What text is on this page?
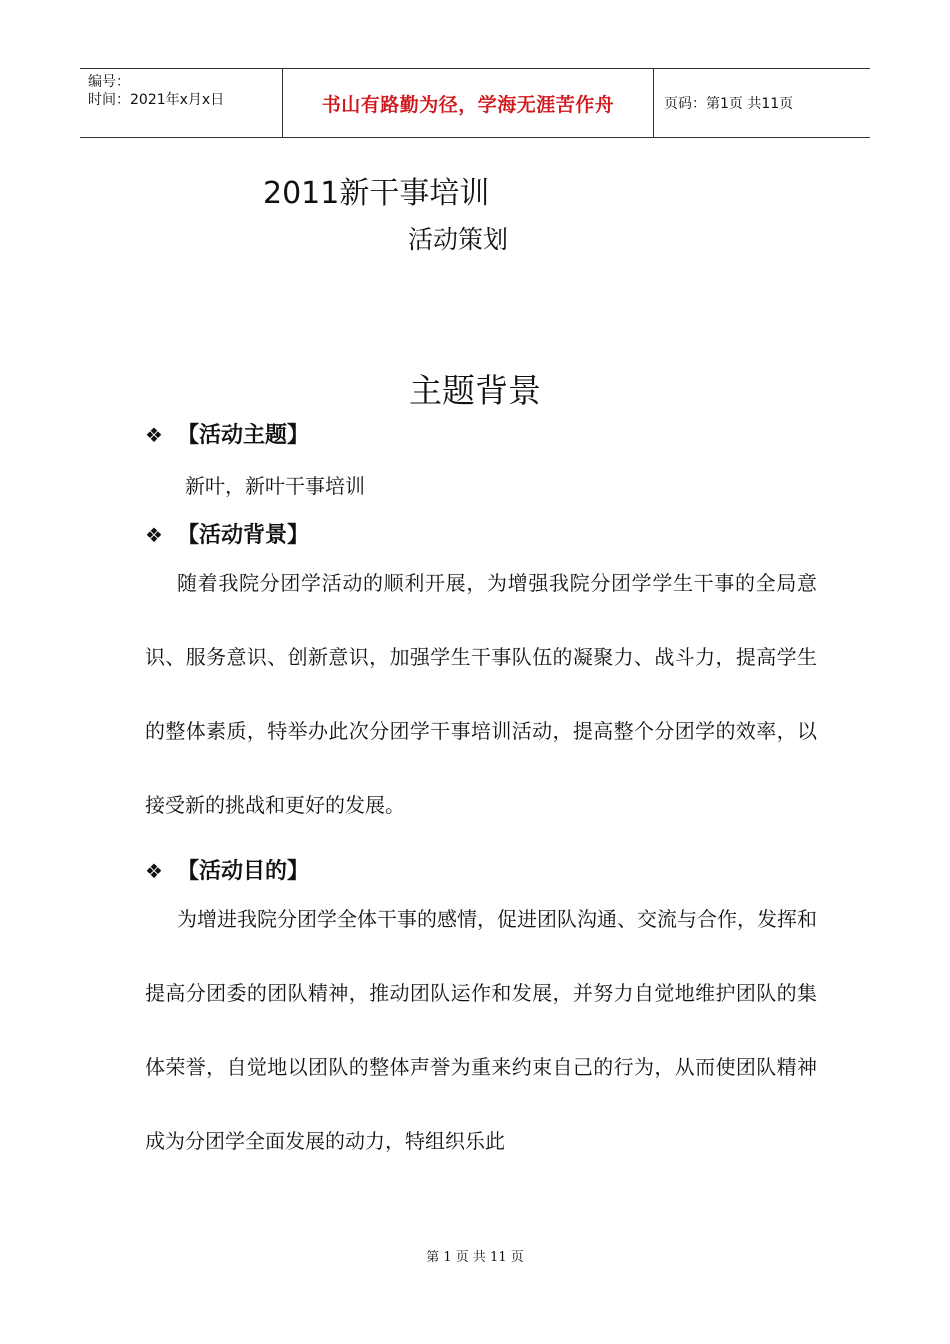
编号：
时间：2021年x月x日	书山有路勤为径，学海无涯苦作舟	页码：第1页 共11页
2011新干事培训
活动策划
主题背景
❖ 【活动主题】
新叶，新叶干事培训
❖ 【活动背景】
随着我院分团学活动的顺利开展，为增强我院分团学学生干事的全局意识、服务意识、创新意识，加强学生干事队伍的凝聚力、战斗力，提高学生的整体素质，特举办此次分团学干事培训活动，提高整个分团学的效率，以接受新的挑战和更好的发展。
❖ 【活动目的】
为增进我院分团学全体干事的感情，促进团队沟通、交流与合作，发挥和提高分团委的团队精神，推动团队运作和发展，并努力自觉地维护团队的集体荣誉，自觉地以团队的整体声誉为重来约束自己的行为，从而使团队精神成为分团学全面发展的动力，特组织乐此
第 1 页 共 11 页
